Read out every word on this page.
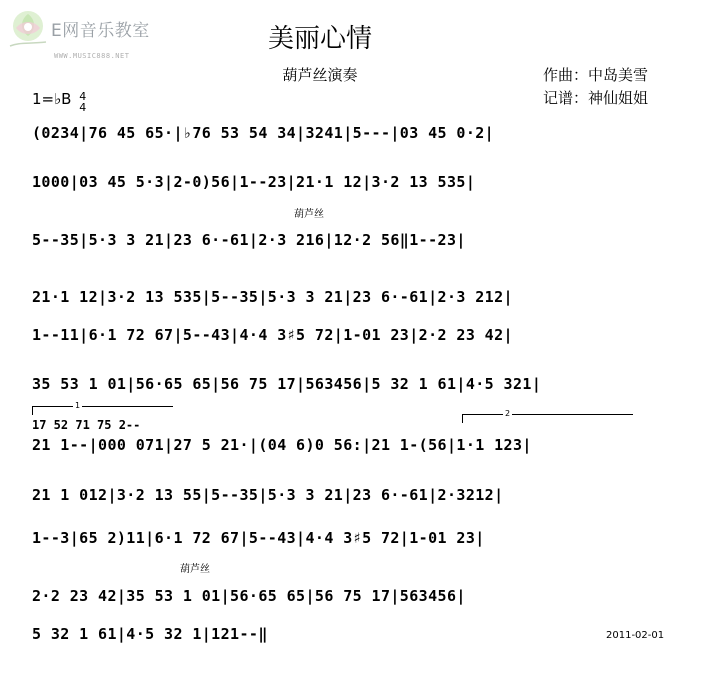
E网音乐教室
WWW.MUSIC888.NET
美丽心情
葫芦丝演奏	作曲：中岛美雪
记谱：神仙姐姐
1=♭B 4
4
(0234|76 45 65·|♭76 53 54 34|3241|5---|03 45 0·2|
1000|03 45 5·3|2-0)56|1--23|21·1 12|3·2 13 535|
葫芦丝
5--35|5·3 3 21|23 6·-61|2·3 216|12·2 56‖1--23|
21·1 12|3·2 13 535|5--35|5·3 3 21|23 6·-61|2·3 212|
1--11|6·1 72 67|5--43|4·4 3♯5 72|1-01 23|2·2 23 42|
35 53 1 01|56·65 65|56 75 17|563456|5 32 1 61|4·5 321|
1
2
17 52 71 75 2--
21 1--|000 071|27 5 21·|(04 6)0 56:|21 1-(56|1·1 123|
21 1 012|3·2 13 55|5--35|5·3 3 21|23 6·-61|2·3212|
1--3|65 2)11|6·1 72 67|5--43|4·4 3♯5 72|1-01 23|
葫芦丝
2·2 23 42|35 53 1 01|56·65 65|56 75 17|563456|
5 32 1 61|4·5 32 1|121--‖	2011-02-01
